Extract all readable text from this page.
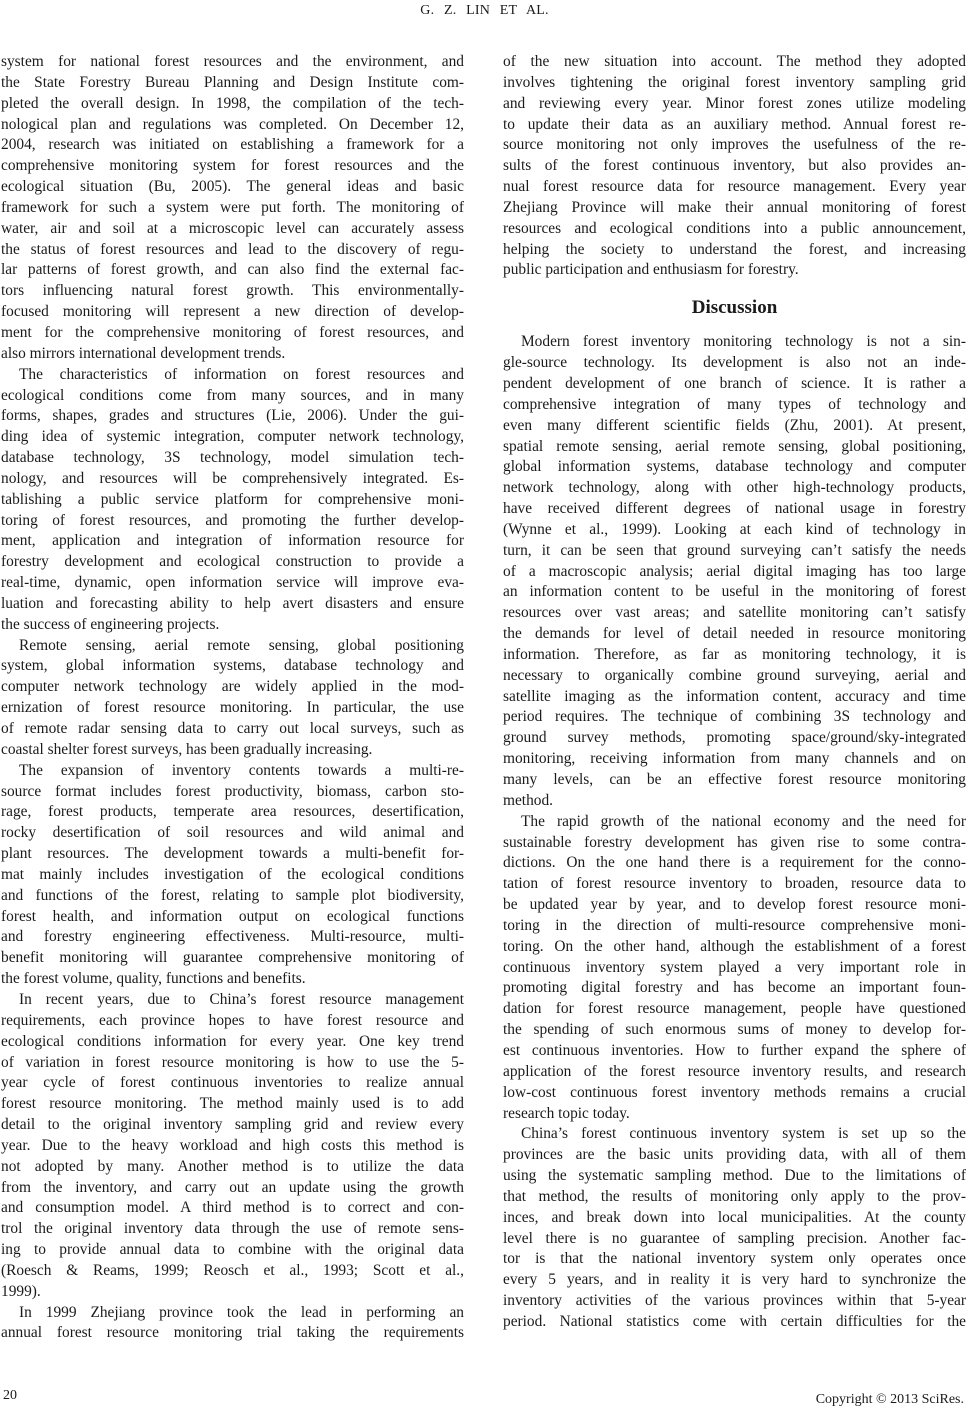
G. Z. LIN ET AL.
system for national forest resources and the environment, and
the State Forestry Bureau Planning and Design Institute com-
pleted the overall design. In 1998, the compilation of the tech-
nological plan and regulations was completed. On December 12,
2004, research was initiated on establishing a framework for a
comprehensive monitoring system for forest resources and the
ecological situation (Bu, 2005). The general ideas and basic
framework for such a system were put forth. The monitoring of
water, air and soil at a microscopic level can accurately assess
the status of forest resources and lead to the discovery of regu-
lar patterns of forest growth, and can also find the external fac-
tors influencing natural forest growth. This environmentally-
focused monitoring will represent a new direction of develop-
ment for the comprehensive monitoring of forest resources, and
also mirrors international development trends.
The characteristics of information on forest resources and
ecological conditions come from many sources, and in many
forms, shapes, grades and structures (Lie, 2006). Under the gui-
ding idea of systemic integration, computer network technology,
database technology, 3S technology, model simulation tech-
nology, and resources will be comprehensively integrated. Es-
tablishing a public service platform for comprehensive moni-
toring of forest resources, and promoting the further develop-
ment, application and integration of information resource for
forestry development and ecological construction to provide a
real-time, dynamic, open information service will improve eva-
luation and forecasting ability to help avert disasters and ensure
the success of engineering projects.
Remote sensing, aerial remote sensing, global positioning
system, global information systems, database technology and
computer network technology are widely applied in the mod-
ernization of forest resource monitoring. In particular, the use
of remote radar sensing data to carry out local surveys, such as
coastal shelter forest surveys, has been gradually increasing.
The expansion of inventory contents towards a multi-re-
source format includes forest productivity, biomass, carbon sto-
rage, forest products, temperate area resources, desertification,
rocky desertification of soil resources and wild animal and
plant resources. The development towards a multi-benefit for-
mat mainly includes investigation of the ecological conditions
and functions of the forest, relating to sample plot biodiversity,
forest health, and information output on ecological functions
and forestry engineering effectiveness. Multi-resource, multi-
benefit monitoring will guarantee comprehensive monitoring of
the forest volume, quality, functions and benefits.
In recent years, due to China’s forest resource management
requirements, each province hopes to have forest resource and
ecological conditions information for every year. One key trend
of variation in forest resource monitoring is how to use the 5-
year cycle of forest continuous inventories to realize annual
forest resource monitoring. The method mainly used is to add
detail to the original inventory sampling grid and review every
year. Due to the heavy workload and high costs this method is
not adopted by many. Another method is to utilize the data
from the inventory, and carry out an update using the growth
and consumption model. A third method is to correct and con-
trol the original inventory data through the use of remote sens-
ing to provide annual data to combine with the original data
(Roesch & Reams, 1999; Reosch et al., 1993; Scott et al.,
1999).
In 1999 Zhejiang province took the lead in performing an
annual forest resource monitoring trial taking the requirements
of the new situation into account. The method they adopted
involves tightening the original forest inventory sampling grid
and reviewing every year. Minor forest zones utilize modeling
to update their data as an auxiliary method. Annual forest re-
source monitoring not only improves the usefulness of the re-
sults of the forest continuous inventory, but also provides an-
nual forest resource data for resource management. Every year
Zhejiang Province will make their annual monitoring of forest
resources and ecological conditions into a public announcement,
helping the society to understand the forest, and increasing
public participation and enthusiasm for forestry.
Discussion
Modern forest inventory monitoring technology is not a sin-
gle-source technology. Its development is also not an inde-
pendent development of one branch of science. It is rather a
comprehensive integration of many types of technology and
even many different scientific fields (Zhu, 2001). At present,
spatial remote sensing, aerial remote sensing, global positioning,
global information systems, database technology and computer
network technology, along with other high-technology products,
have received different degrees of national usage in forestry
(Wynne et al., 1999). Looking at each kind of technology in
turn, it can be seen that ground surveying can’t satisfy the needs
of a macroscopic analysis; aerial digital imaging has too large
an information content to be useful in the monitoring of forest
resources over vast areas; and satellite monitoring can’t satisfy
the demands for level of detail needed in resource monitoring
information. Therefore, as far as monitoring technology, it is
necessary to organically combine ground surveying, aerial and
satellite imaging as the information content, accuracy and time
period requires. The technique of combining 3S technology and
ground survey methods, promoting space/ground/sky-integrated
monitoring, receiving information from many channels and on
many levels, can be an effective forest resource monitoring
method.
The rapid growth of the national economy and the need for
sustainable forestry development has given rise to some contra-
dictions. On the one hand there is a requirement for the conno-
tation of forest resource inventory to broaden, resource data to
be updated year by year, and to develop forest resource moni-
toring in the direction of multi-resource comprehensive moni-
toring. On the other hand, although the establishment of a forest
continuous inventory system played a very important role in
promoting digital forestry and has become an important foun-
dation for forest resource management, people have questioned
the spending of such enormous sums of money to develop for-
est continuous inventories. How to further expand the sphere of
application of the forest resource inventory results, and research
low-cost continuous forest inventory methods remains a crucial
research topic today.
China’s forest continuous inventory system is set up so the
provinces are the basic units providing data, with all of them
using the systematic sampling method. Due to the limitations of
that method, the results of monitoring only apply to the prov-
inces, and break down into local municipalities. At the county
level there is no guarantee of sampling precision. Another fac-
tor is that the national inventory system only operates once
every 5 years, and in reality it is very hard to synchronize the
inventory activities of the various provinces within that 5-year
period. National statistics come with certain difficulties for the
20	Copyright © 2013 SciRes.
